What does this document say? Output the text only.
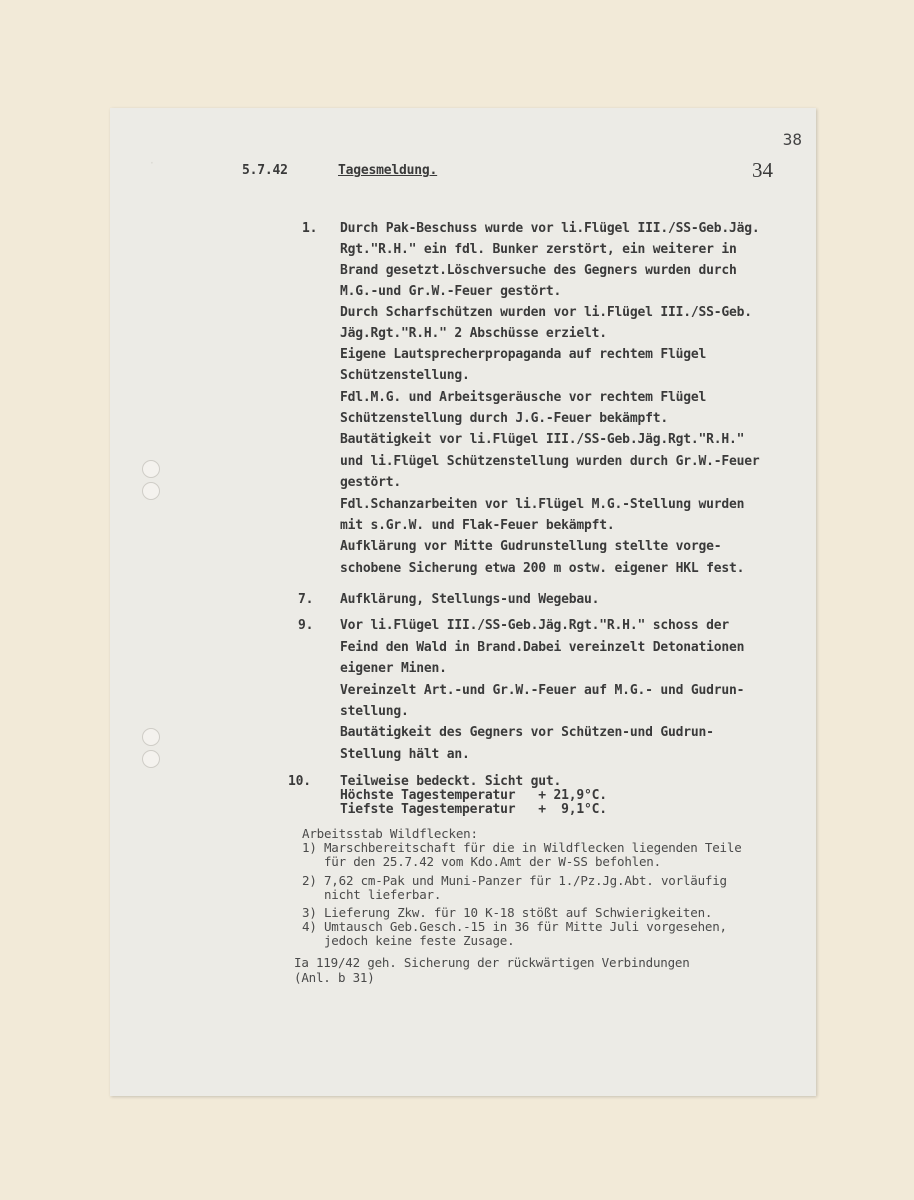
·
38
34
5.7.42	Tagesmeldung.
1. Durch Pak-Beschuss wurde vor li.Flügel III./SS-Geb.Jäg.
Rgt."R.H." ein fdl. Bunker zerstört, ein weiterer in
Brand gesetzt.Löschversuche des Gegners wurden durch
M.G.-und Gr.W.-Feuer gestört.
Durch Scharfschützen wurden vor li.Flügel III./SS-Geb.
Jäg.Rgt."R.H." 2 Abschüsse erzielt.
Eigene Lautsprecherpropaganda auf rechtem Flügel
Schützenstellung.
Fdl.M.G. und Arbeitsgeräusche vor rechtem Flügel
Schützenstellung durch J.G.-Feuer bekämpft.
Bautätigkeit vor li.Flügel III./SS-Geb.Jäg.Rgt."R.H."
und li.Flügel Schützenstellung wurden durch Gr.W.-Feuer
gestört.
Fdl.Schanzarbeiten vor li.Flügel M.G.-Stellung wurden
mit s.Gr.W. und Flak-Feuer bekämpft.
Aufklärung vor Mitte Gudrunstellung stellte vorge-
schobene Sicherung etwa 200 m ostw. eigener HKL fest.
7. Aufklärung, Stellungs-und Wegebau.
9. Vor li.Flügel III./SS-Geb.Jäg.Rgt."R.H." schoss der
Feind den Wald in Brand.Dabei vereinzelt Detonationen
eigener Minen.
Vereinzelt Art.-und Gr.W.-Feuer auf M.G.- und Gudrun-
stellung.
Bautätigkeit des Gegners vor Schützen-und Gudrun-
Stellung hält an.
10. Teilweise bedeckt. Sicht gut.
Höchste Tagestemperatur   + 21,9°C.
Tiefste Tagestemperatur   +  9,1°C.
Arbeitsstab Wildflecken:
1) Marschbereitschaft für die in Wildflecken liegenden Teile
für den 25.7.42 vom Kdo.Amt der W-SS befohlen.
2) 7,62 cm-Pak und Muni-Panzer für 1./Pz.Jg.Abt. vorläufig
nicht lieferbar.
3) Lieferung Zkw. für 10 K-18 stößt auf Schwierigkeiten.
4) Umtausch Geb.Gesch.-15 in 36 für Mitte Juli vorgesehen,
jedoch keine feste Zusage.
Ia 119/42 geh. Sicherung der rückwärtigen Verbindungen
(Anl. b 31)
